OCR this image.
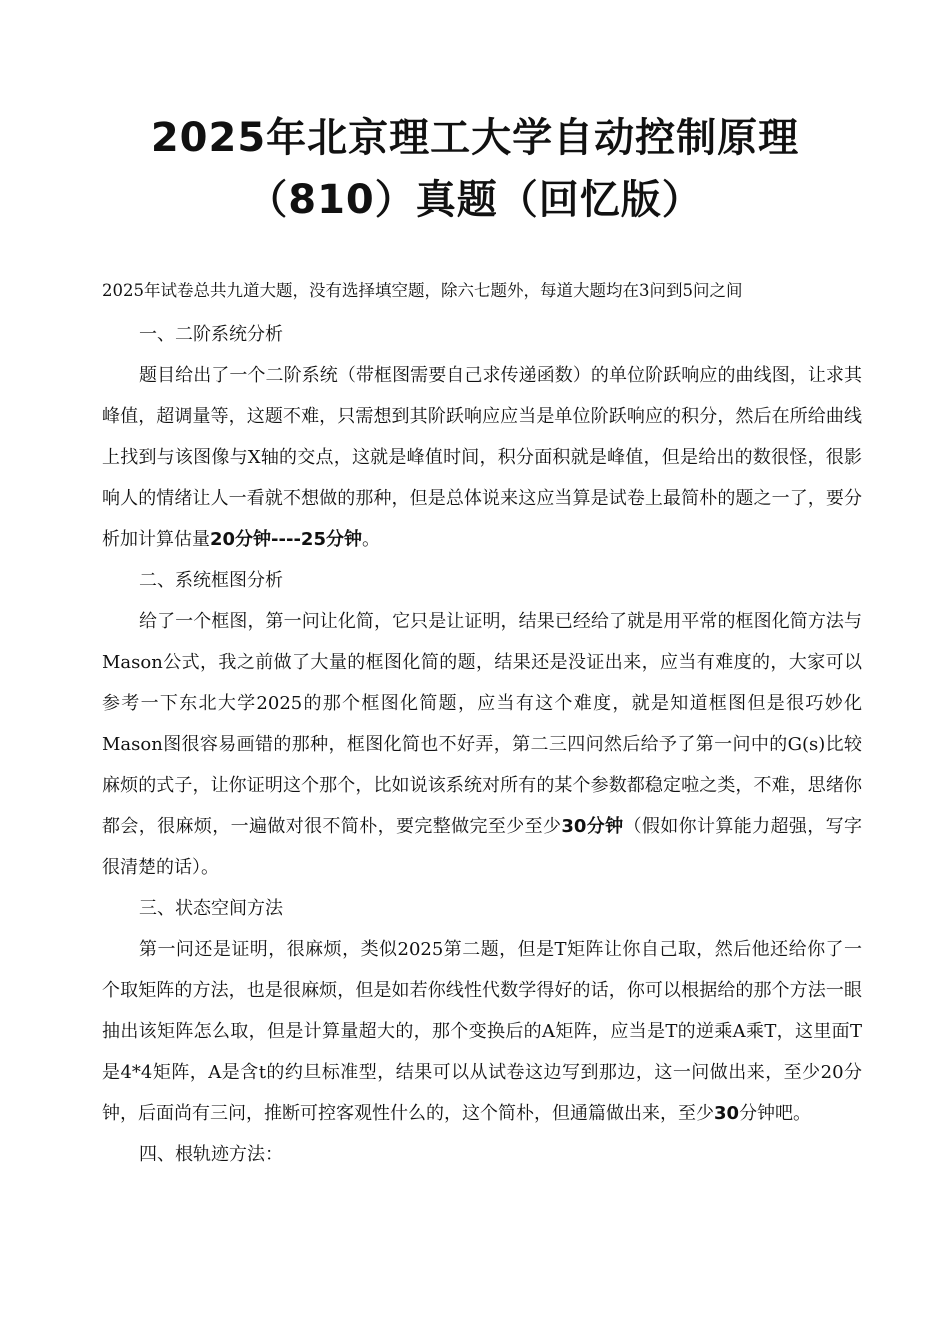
2025年北京理工大学自动控制原理
（810）真题（回忆版）

2025年试卷总共九道大题，没有选择填空题，除六七题外，每道大题均在3问到5问之间

一、二阶系统分析

题目给出了一个二阶系统（带框图需要自己求传递函数）的单位阶跃响应的曲线图，让求其峰值，超调量等，这题不难，只需想到其阶跃响应应当是单位阶跃响应的积分，然后在所给曲线上找到与该图像与X轴的交点，这就是峰值时间，积分面积就是峰值，但是给出的数很怪，很影响人的情绪让人一看就不想做的那种，但是总体说来这应当算是试卷上最简朴的题之一了，要分析加计算估量20分钟----25分钟。

二、系统框图分析

给了一个框图，第一问让化简，它只是让证明，结果已经给了就是用平常的框图化简方法与Mason公式，我之前做了大量的框图化简的题，结果还是没证出来，应当有难度的，大家可以参考一下东北大学2025的那个框图化简题，应当有这个难度，就是知道框图但是很巧妙化Mason图很容易画错的那种，框图化简也不好弄，第二三四问然后给予了第一问中的G(s)比较麻烦的式子，让你证明这个那个，比如说该系统对所有的某个参数都稳定啦之类，不难，思绪你都会，很麻烦，一遍做对很不简朴，要完整做完至少至少30分钟（假如你计算能力超强，写字很清楚的话）。

三、状态空间方法

第一问还是证明，很麻烦，类似2025第二题，但是T矩阵让你自己取，然后他还给你了一个取矩阵的方法，也是很麻烦，但是如若你线性代数学得好的话，你可以根据给的那个方法一眼抽出该矩阵怎么取，但是计算量超大的，那个变换后的A矩阵，应当是T的逆乘A乘T，这里面T是4*4矩阵，A是含t的约旦标准型，结果可以从试卷这边写到那边，这一问做出来，至少20分钟，后面尚有三问，推断可控客观性什么的，这个简朴，但通篇做出来，至少30分钟吧。

四、根轨迹方法：
